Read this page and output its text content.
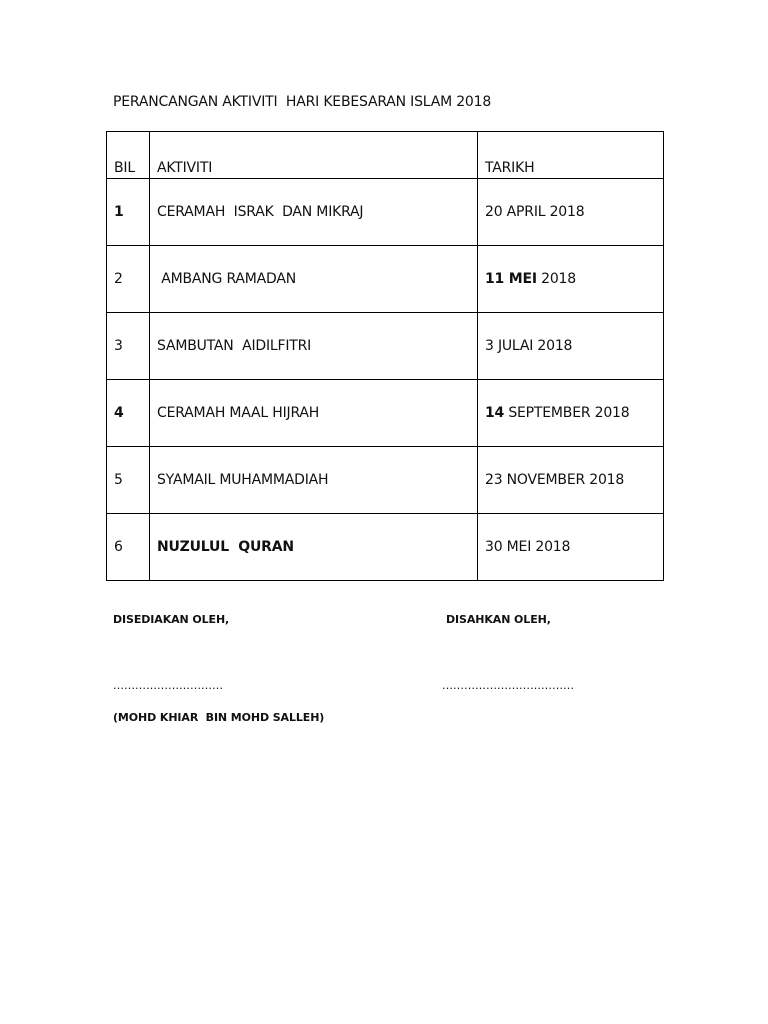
PERANCANGAN AKTIVITI  HARI KEBESARAN ISLAM 2018
BIL	AKTIVITI	TARIKH
1	CERAMAH  ISRAK  DAN MIKRAJ	20 APRIL 2018
2	AMBANG RAMADAN	11 MEI 2018
3	SAMBUTAN  AIDILFITRI	3 JULAI 2018
4	CERAMAH MAAL HIJRAH	14 SEPTEMBER 2018
5	SYAMAIL MUHAMMADIAH	23 NOVEMBER 2018
6	NUZULUL  QURAN	30 MEI 2018
DISEDIAKAN OLEH,	DISAHKAN OLEH,
…………………………	………………………………
(MOHD KHIAR  BIN MOHD SALLEH)
